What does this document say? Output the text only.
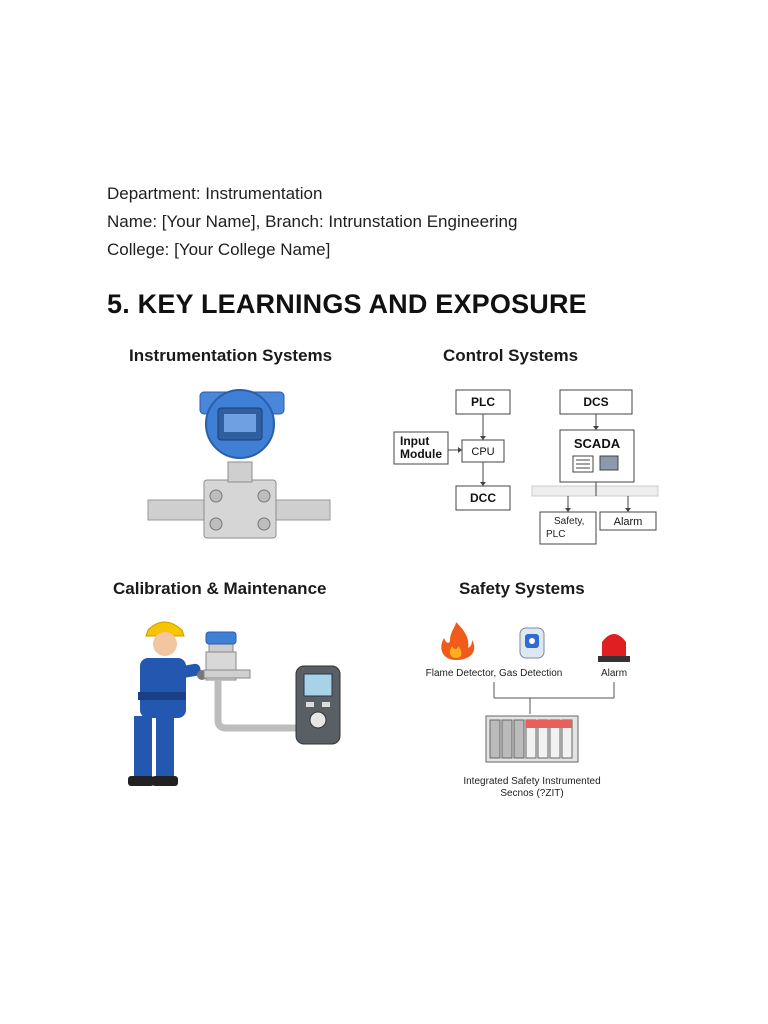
Department: Instrumentation
Name: [Your Name], Branch: Intrunstation Engineering
College: [Your College Name]
5. KEY LEARNINGS AND EXPOSURE
Instrumentation Systems	Control Systems
Calibration & Maintenance	Safety Systems
PLC	DCS
Input
Module	CPU
SCADA
DCC
Safety,
PLC
Alarm
Flame Detector, Gas Detection	Alarm
Integrated Safety Instrumented
Secnos (?ZIT)
